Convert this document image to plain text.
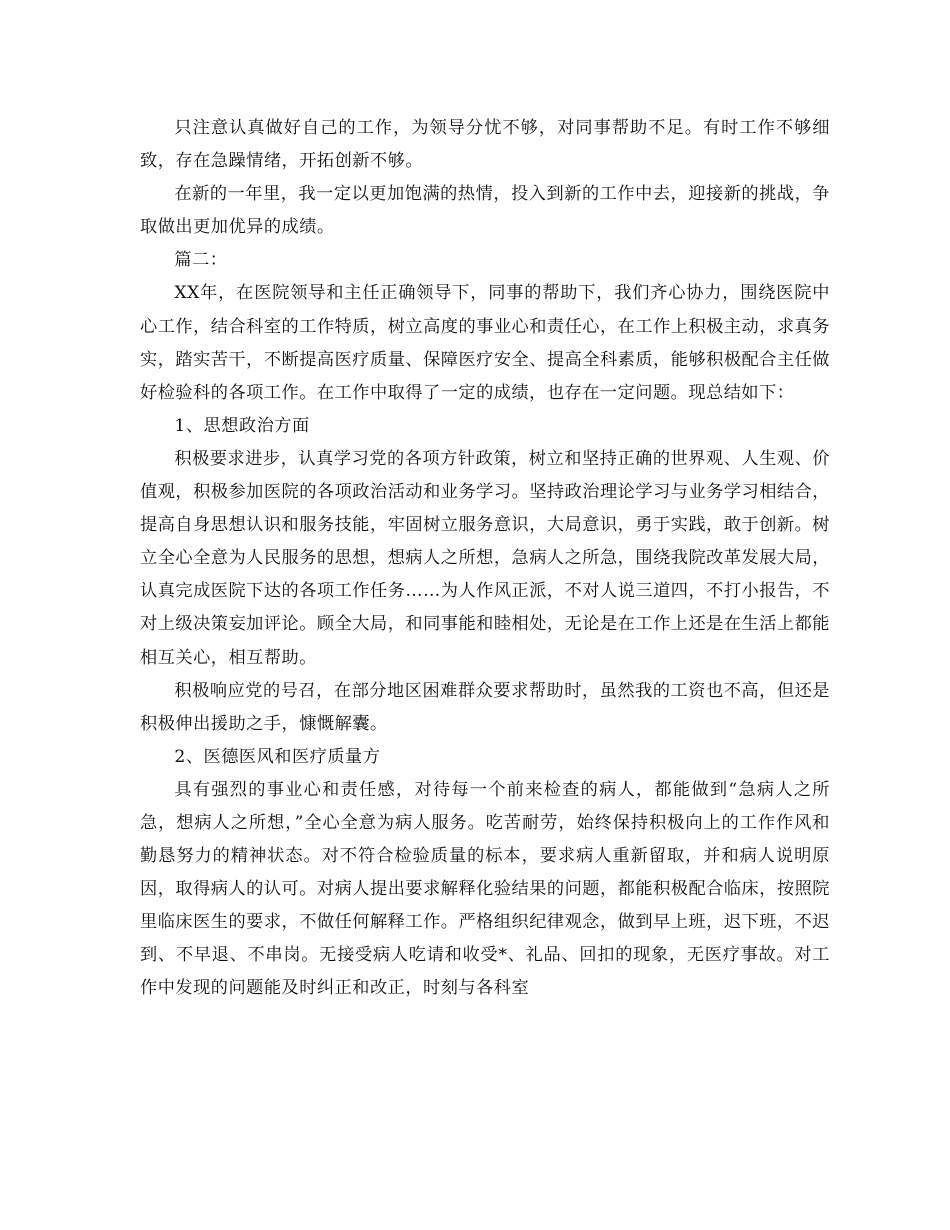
只注意认真做好自己的工作，为领导分忧不够，对同事帮助不足。有时工作不够细致，存在急躁情绪，开拓创新不够。

在新的一年里，我一定以更加饱满的热情，投入到新的工作中去，迎接新的挑战，争取做出更加优异的成绩。

篇二：

XX年，在医院领导和主任正确领导下，同事的帮助下，我们齐心协力，围绕医院中心工作，结合科室的工作特质，树立高度的事业心和责任心，在工作上积极主动，求真务实，踏实苦干，不断提高医疗质量、保障医疗安全、提高全科素质，能够积极配合主任做好检验科的各项工作。在工作中取得了一定的成绩，也存在一定问题。现总结如下：

1、思想政治方面

积极要求进步，认真学习党的各项方针政策，树立和坚持正确的世界观、人生观、价值观，积极参加医院的各项政治活动和业务学习。坚持政治理论学习与业务学习相结合，提高自身思想认识和服务技能，牢固树立服务意识，大局意识，勇于实践，敢于创新。树立全心全意为人民服务的思想，想病人之所想，急病人之所急，围绕我院改革发展大局，认真完成医院下达的各项工作任务……为人作风正派，不对人说三道四，不打小报告，不对上级决策妄加评论。顾全大局，和同事能和睦相处，无论是在工作上还是在生活上都能相互关心，相互帮助。

积极响应党的号召，在部分地区困难群众要求帮助时，虽然我的工资也不高，但还是积极伸出援助之手，慷慨解囊。

2、医德医风和医疗质量方

具有强烈的事业心和责任感，对待每一个前来检查的病人，都能做到“急病人之所急，想病人之所想，”全心全意为病人服务。吃苦耐劳，始终保持积极向上的工作作风和勤恳努力的精神状态。对不符合检验质量的标本，要求病人重新留取，并和病人说明原因，取得病人的认可。对病人提出要求解释化验结果的问题，都能积极配合临床，按照院里临床医生的要求，不做任何解释工作。严格组织纪律观念，做到早上班，迟下班，不迟到、不早退、不串岗。无接受病人吃请和收受*、礼品、回扣的现象，无医疗事故。对工作中发现的问题能及时纠正和改正，时刻与各科室
